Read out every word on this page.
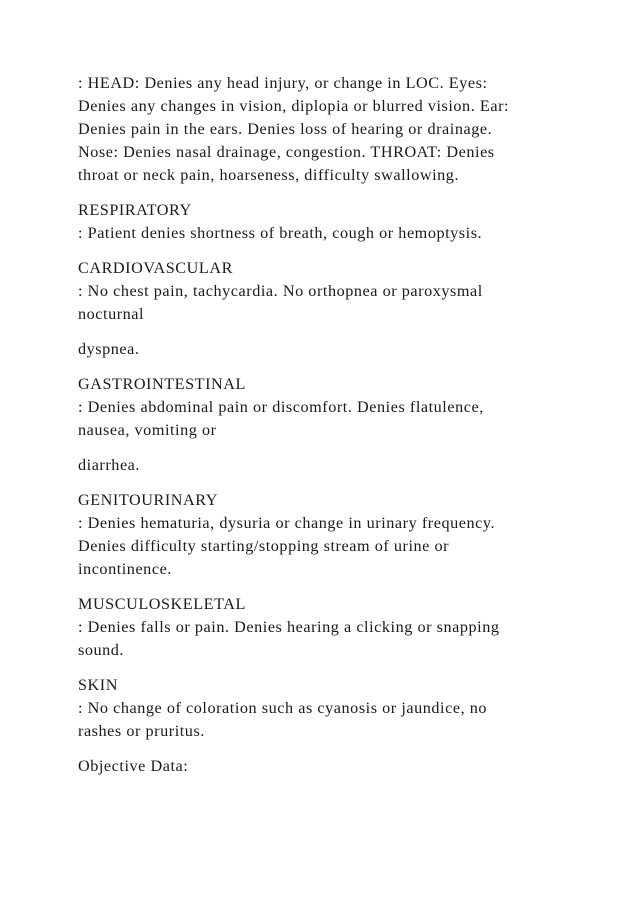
: HEAD: Denies any head injury, or change in LOC. Eyes:
Denies any changes in vision, diplopia or blurred vision. Ear:
Denies pain in the ears. Denies loss of hearing or drainage.
Nose: Denies nasal drainage, congestion. THROAT: Denies
throat or neck pain, hoarseness, difficulty swallowing.
RESPIRATORY
: Patient denies shortness of breath, cough or hemoptysis.
CARDIOVASCULAR
: No chest pain, tachycardia. No orthopnea or paroxysmal
nocturnal
dyspnea.
GASTROINTESTINAL
: Denies abdominal pain or discomfort. Denies flatulence,
nausea, vomiting or
diarrhea.
GENITOURINARY
: Denies hematuria, dysuria or change in urinary frequency.
Denies difficulty starting/stopping stream of urine or
incontinence.
MUSCULOSKELETAL
: Denies falls or pain. Denies hearing a clicking or snapping
sound.
SKIN
: No change of coloration such as cyanosis or jaundice, no
rashes or pruritus.
Objective Data:
